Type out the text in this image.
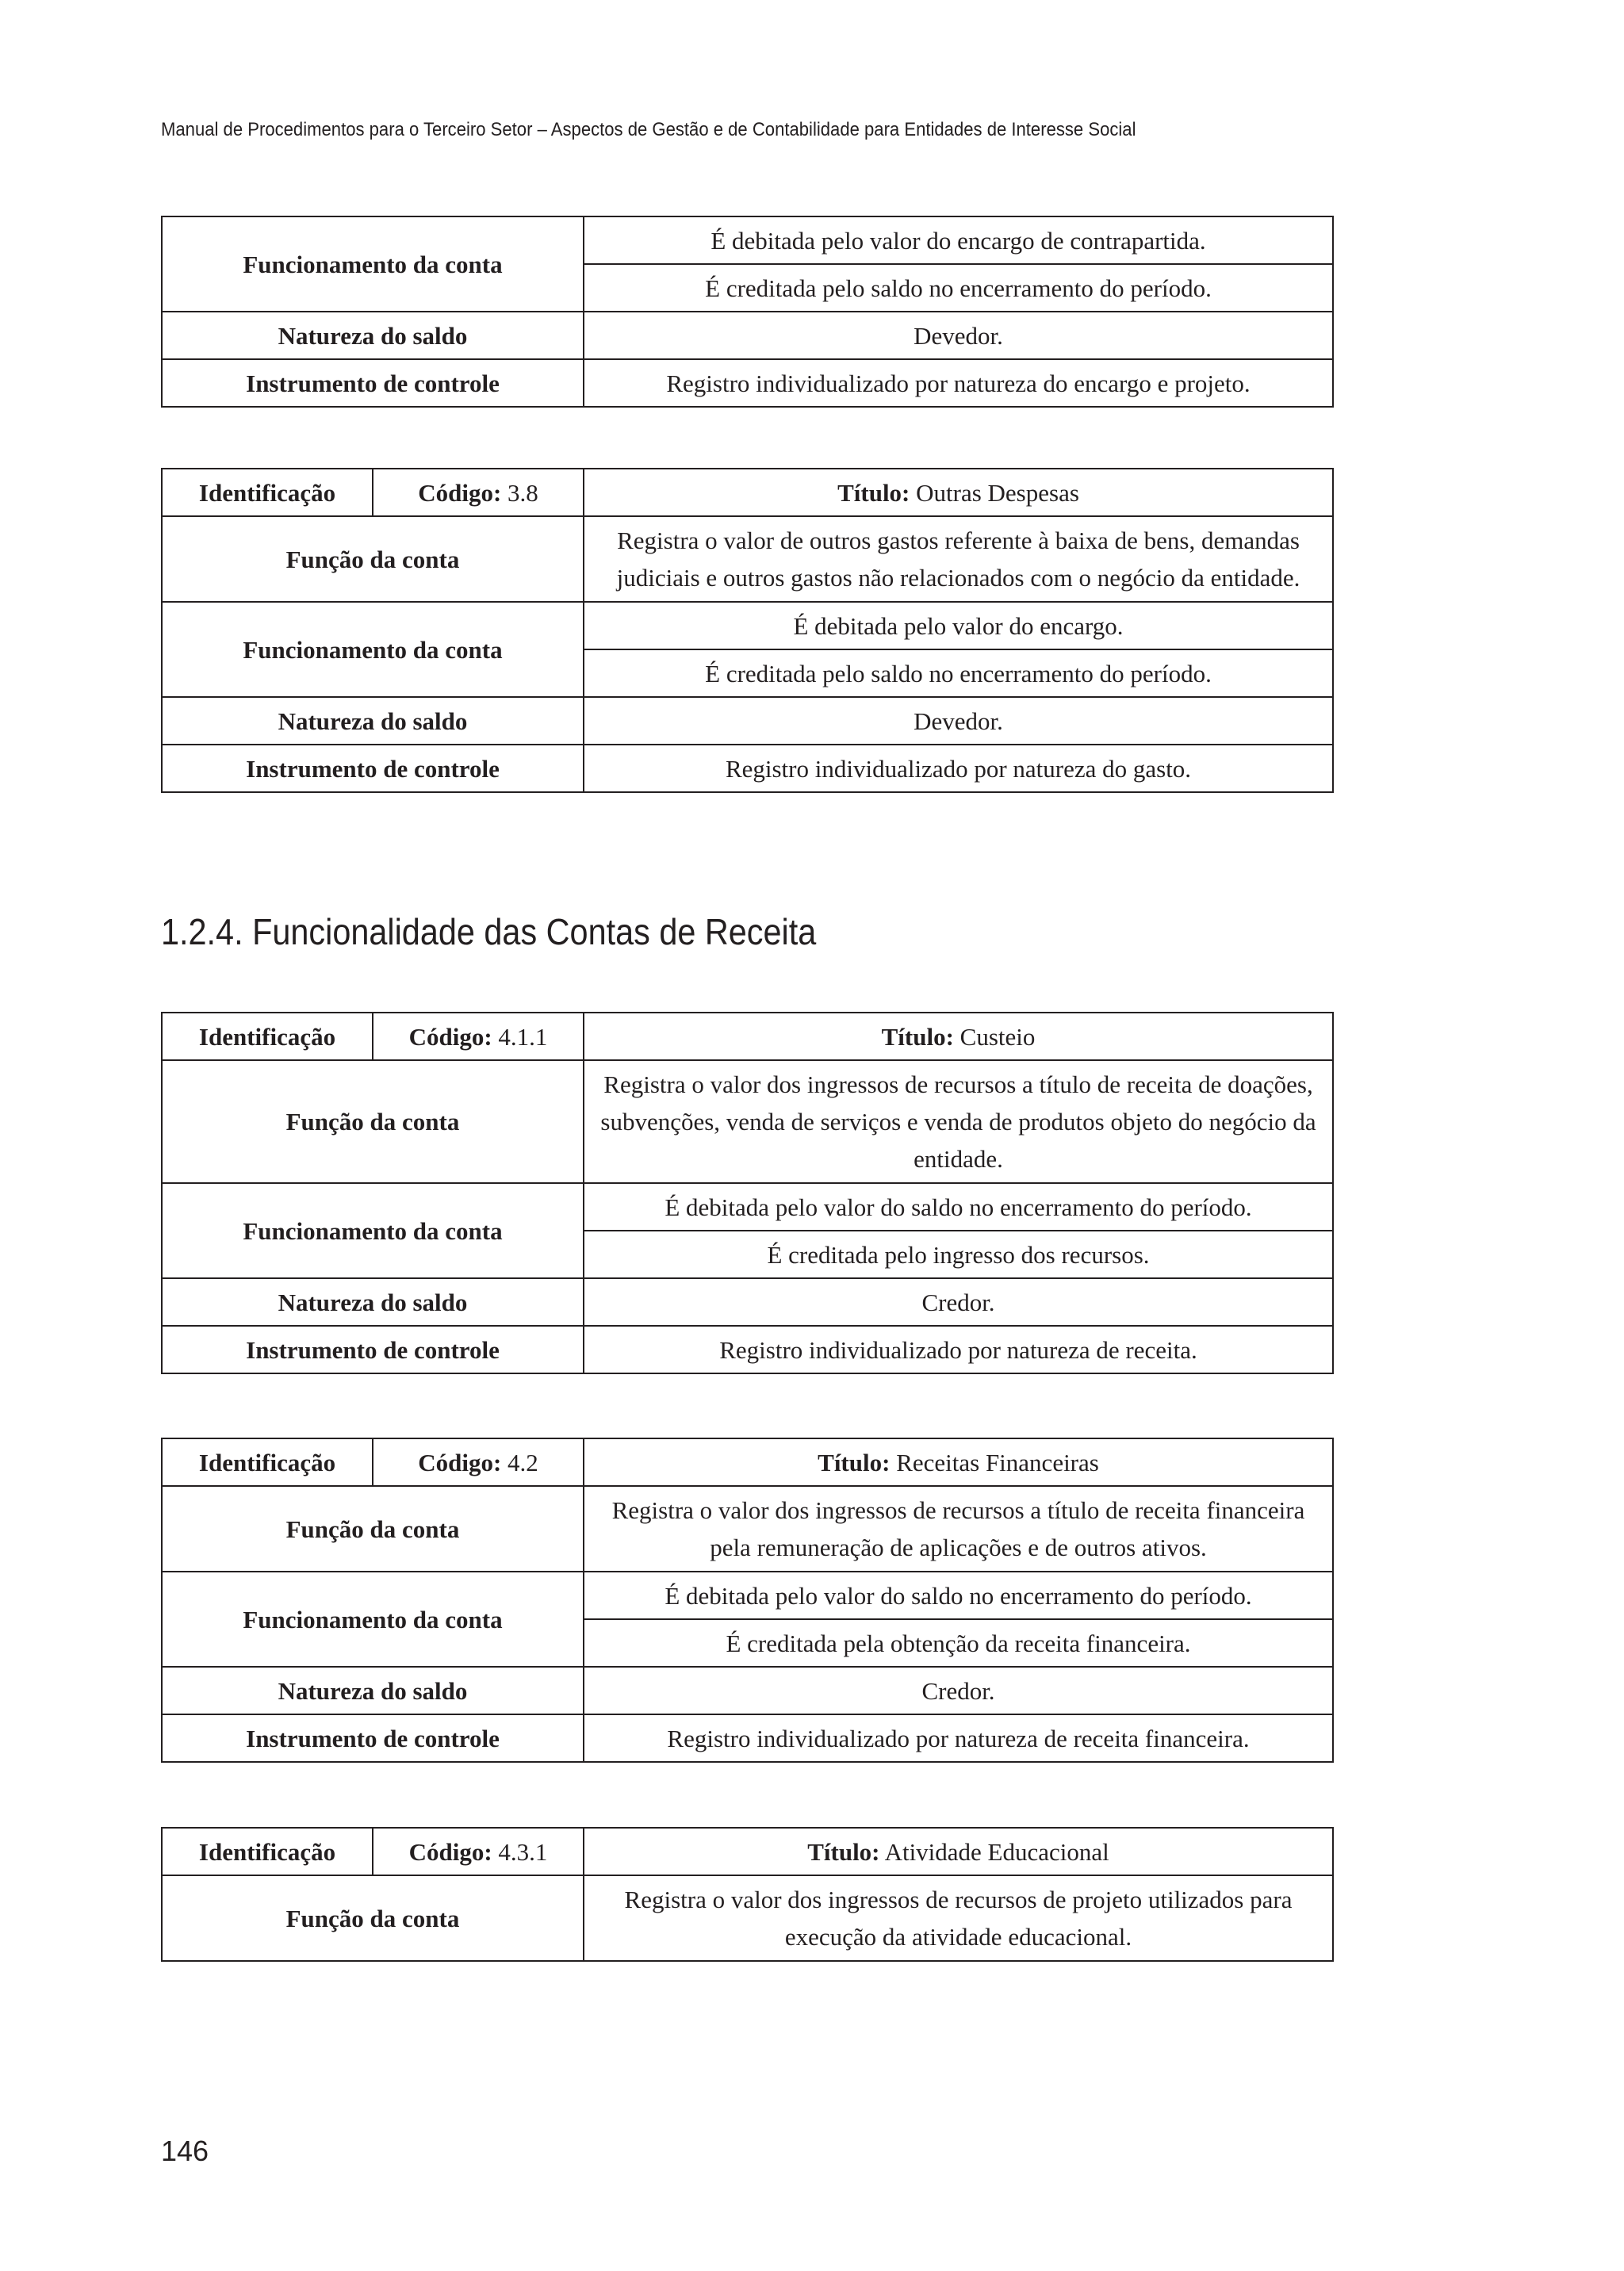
Manual de Procedimentos para o Terceiro Setor – Aspectos de Gestão e de Contabilidade para Entidades de Interesse Social
Funcionamento da conta	É debitada pelo valor do encargo de contrapartida.
	É creditada pelo saldo no encerramento do período.
Natureza do saldo	Devedor.
Instrumento de controle	Registro individualizado por natureza do encargo e projeto.
Identificação	Código: 3.8	Título: Outras Despesas
Função da conta		Registra o valor de outros gastos referente à baixa de bens, demandas judiciais e outros gastos não relacionados com o negócio da entidade.
Funcionamento da conta		É debitada pelo valor do encargo.
		É creditada pelo saldo no encerramento do período.
Natureza do saldo		Devedor.
Instrumento de controle		Registro individualizado por natureza do gasto.
1.2.4. Funcionalidade das Contas de Receita
Identificação	Código: 4.1.1	Título: Custeio
Função da conta		Registra o valor dos ingressos de recursos a título de receita de doações, subvenções, venda de serviços e venda de produtos objeto do negócio da entidade.
Funcionamento da conta		É debitada pelo valor do saldo no encerramento do período.
		É creditada pelo ingresso dos recursos.
Natureza do saldo		Credor.
Instrumento de controle		Registro individualizado por natureza de receita.
Identificação	Código: 4.2	Título: Receitas Financeiras
Função da conta		Registra o valor dos ingressos de recursos a título de receita financeira pela remuneração de aplicações e de outros ativos.
Funcionamento da conta		É debitada pelo valor do saldo no encerramento do período.
		É creditada pela obtenção da receita financeira.
Natureza do saldo		Credor.
Instrumento de controle		Registro individualizado por natureza de receita financeira.
Identificação	Código: 4.3.1	Título: Atividade Educacional
Função da conta		Registra o valor dos ingressos de recursos de projeto utilizados para execução da atividade educacional.
146
